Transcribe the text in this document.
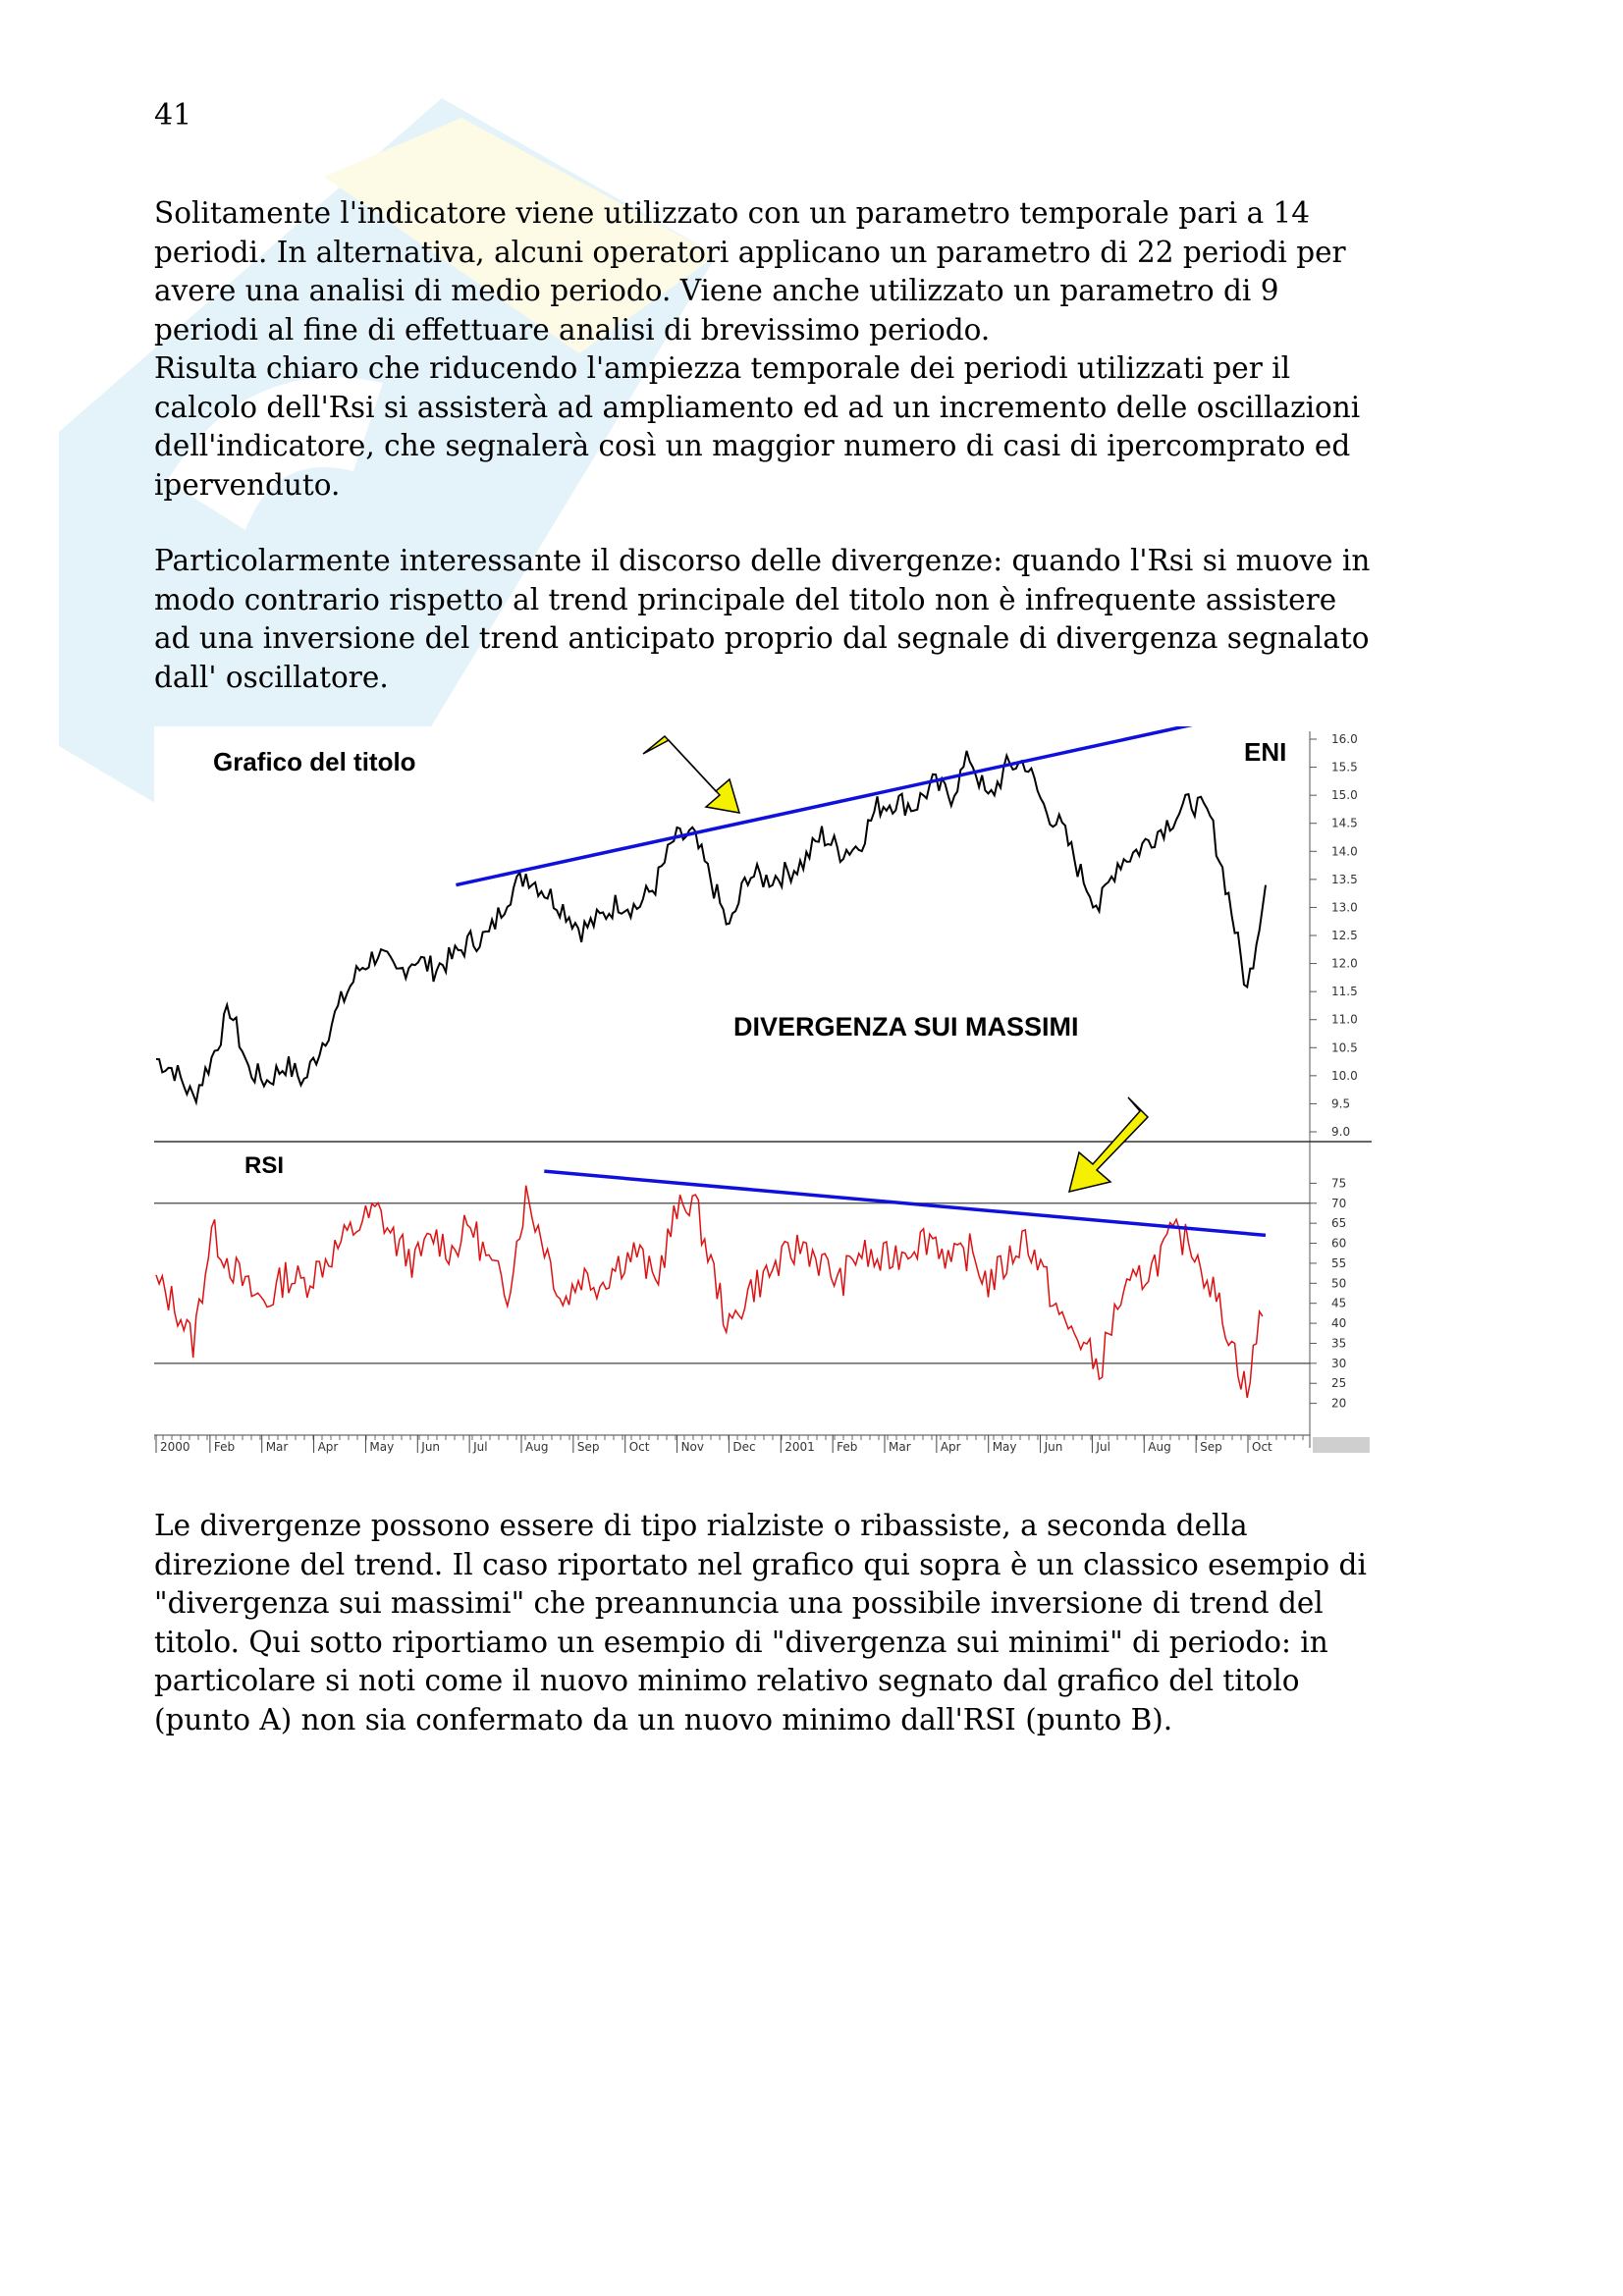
41

Solitamente l'indicatore viene utilizzato con un parametro temporale pari a 14

periodi. In alternativa, alcuni operatori applicano un parametro di 22 periodi per

avere una analisi di medio periodo. Viene anche utilizzato un parametro di 9

periodi al fine di effettuare analisi di brevissimo periodo.

Risulta chiaro che riducendo l'ampiezza temporale dei periodi utilizzati per il

calcolo dell'Rsi si assisterà ad ampliamento ed ad un incremento delle oscillazioni

dell'indicatore, che segnalerà così un maggior numero di casi di ipercomprato ed

ipervenduto.

Particolarmente interessante il discorso delle divergenze: quando l'Rsi si muove in

modo contrario rispetto al trend principale del titolo non è infrequente assistere

ad una inversione del trend anticipato proprio dal segnale di divergenza segnalato

dall' oscillatore.

16.0
15.5
15.0
14.5
14.0
13.5
13.0
12.5
12.0
11.5
11.0
10.5
10.0
9.5
9.0
Grafico del titolo	ENI
DIVERGENZA SUI MASSIMI
75
70
65
60
55
50
45
40
35
30
25
20
RSI
2000 Feb	Mar	Apr	May Jun	Jul	Aug Sep	Oct	Nov Dec 2001 Feb	Mar	Apr	May Jun	Jul	Aug Sep	Oct

Le divergenze possono essere di tipo rialziste o ribassiste, a seconda della

direzione del trend. Il caso riportato nel grafico qui sopra è un classico esempio di

"divergenza sui massimi" che preannuncia una possibile inversione di trend del

titolo. Qui sotto riportiamo un esempio di "divergenza sui minimi" di periodo: in

particolare si noti come il nuovo minimo relativo segnato dal grafico del titolo

(punto A) non sia confermato da un nuovo minimo dall'RSI (punto B).
